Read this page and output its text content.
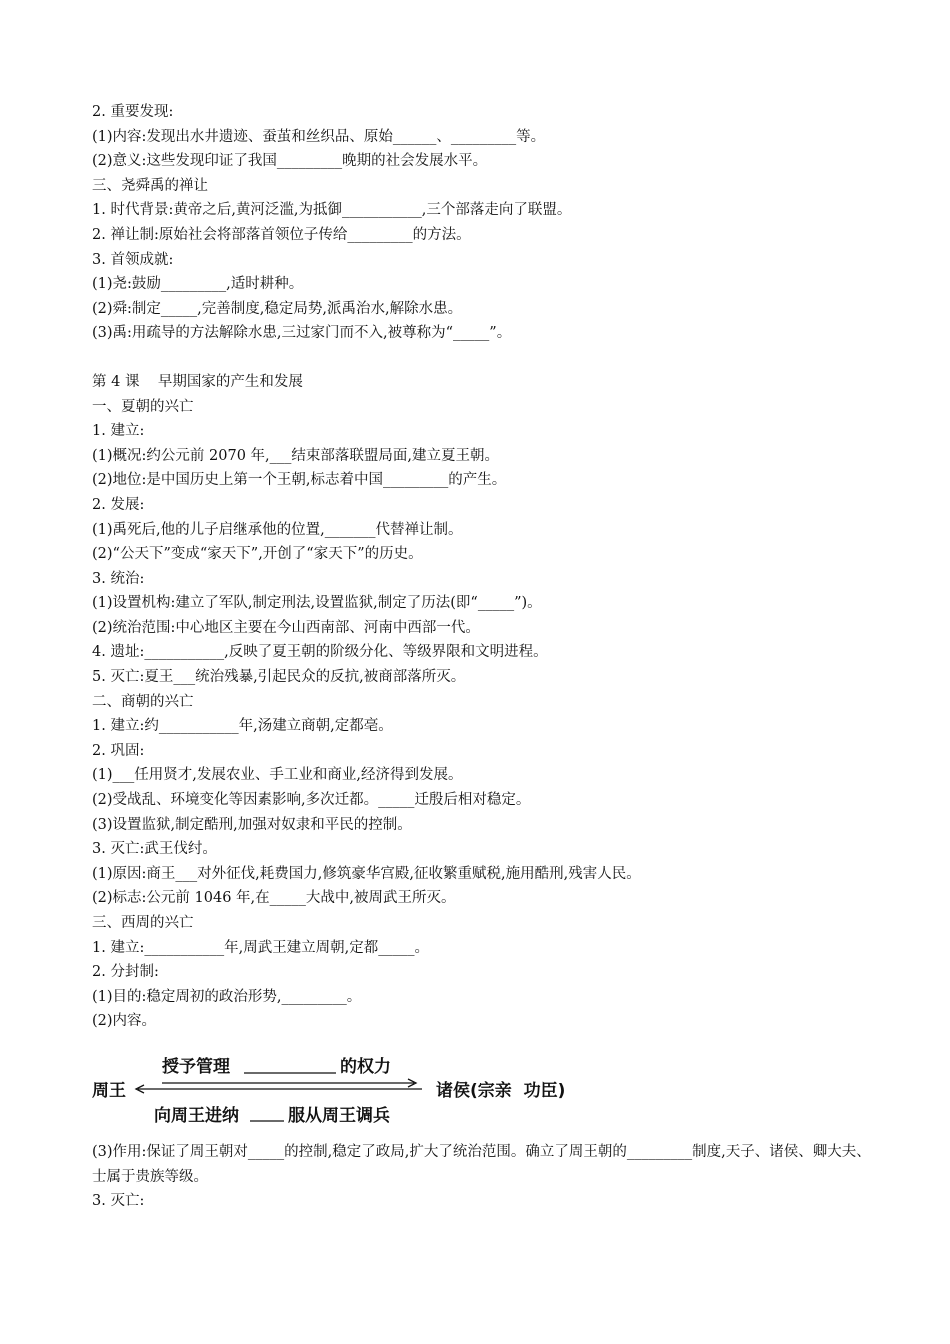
2. 重要发现:
(1)内容:发现出水井遗迹、蚕茧和丝织品、原始______、_________等。
(2)意义:这些发现印证了我国_________晚期的社会发展水平。
三、尧舜禹的禅让
1. 时代背景:黄帝之后,黄河泛滥,为抵御___________,三个部落走向了联盟。
2. 禅让制:原始社会将部落首领位子传给_________的方法。
3. 首领成就:
(1)尧:鼓励_________,适时耕种。
(2)舜:制定_____,完善制度,稳定局势,派禹治水,解除水患。
(3)禹:用疏导的方法解除水患,三过家门而不入,被尊称为“_____”。
第 4 课    早期国家的产生和发展
一、夏朝的兴亡
1. 建立:
(1)概况:约公元前 2070 年,___结束部落联盟局面,建立夏王朝。
(2)地位:是中国历史上第一个王朝,标志着中国_________的产生。
2. 发展:
(1)禹死后,他的儿子启继承他的位置,_______代替禅让制。
(2)“公天下”变成“家天下”,开创了“家天下”的历史。
3. 统治:
(1)设置机构:建立了军队,制定刑法,设置监狱,制定了历法(即“_____”)。
(2)统治范围:中心地区主要在今山西南部、河南中西部一代。
4. 遗址:___________,反映了夏王朝的阶级分化、等级界限和文明进程。
5. 灭亡:夏王___统治残暴,引起民众的反抗,被商部落所灭。
二、商朝的兴亡
1. 建立:约___________年,汤建立商朝,定都亳。
2. 巩固:
(1)___任用贤才,发展农业、手工业和商业,经济得到发展。
(2)受战乱、环境变化等因素影响,多次迁都。_____迁殷后相对稳定。
(3)设置监狱,制定酷刑,加强对奴隶和平民的控制。
3. 灭亡:武王伐纣。
(1)原因:商王___对外征伐,耗费国力,修筑豪华宫殿,征收繁重赋税,施用酷刑,残害人民。
(2)标志:公元前 1046 年,在_____大战中,被周武王所灭。
三、西周的兴亡
1. 建立:___________年,周武王建立周朝,定都_____。
2. 分封制:
(1)目的:稳定周初的政治形势,_________。
(2)内容。
周王
授予管理	的权力
诸侯(宗亲  功臣)
向周王进纳	服从周王调兵
(3)作用:保证了周王朝对_____的控制,稳定了政局,扩大了统治范围。确立了周王朝的_________制度,天子、诸侯、卿大夫、士属于贵族等级。
3. 灭亡:
